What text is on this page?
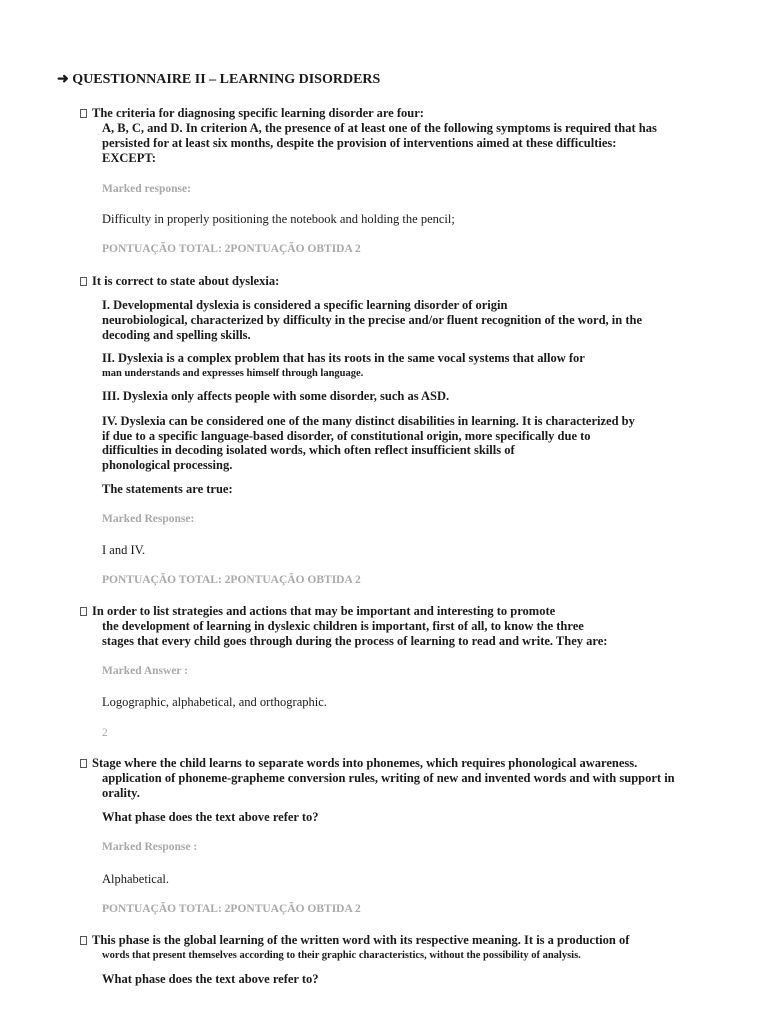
➜ QUESTIONNAIRE II – LEARNING DISORDERS

The criteria for diagnosing specific learning disorder are four:

A, B, C, and D. In criterion A, the presence of at least one of the following symptoms is required that has

persisted for at least six months, despite the provision of interventions aimed at these difficulties:

EXCEPT:

Marked response:

Difficulty in properly positioning the notebook and holding the pencil;

PONTUAÇÃO TOTAL: 2PONTUAÇÃO OBTIDA 2

It is correct to state about dyslexia:

I. Developmental dyslexia is considered a specific learning disorder of origin

neurobiological, characterized by difficulty in the precise and/or fluent recognition of the word, in the

decoding and spelling skills.

II. Dyslexia is a complex problem that has its roots in the same vocal systems that allow for

man understands and expresses himself through language.

III. Dyslexia only affects people with some disorder, such as ASD.

IV. Dyslexia can be considered one of the many distinct disabilities in learning. It is characterized by

if due to a specific language-based disorder, of constitutional origin, more specifically due to

difficulties in decoding isolated words, which often reflect insufficient skills of

phonological processing.

The statements are true:

Marked Response:

I and IV.

PONTUAÇÃO TOTAL: 2PONTUAÇÃO OBTIDA 2

In order to list strategies and actions that may be important and interesting to promote

the development of learning in dyslexic children is important, first of all, to know the three

stages that every child goes through during the process of learning to read and write. They are:

Marked Answer :

Logographic, alphabetical, and orthographic.

2

Stage where the child learns to separate words into phonemes, which requires phonological awareness.

application of phoneme-grapheme conversion rules, writing of new and invented words and with support in

orality.

What phase does the text above refer to?

Marked Response :

Alphabetical.

PONTUAÇÃO TOTAL: 2PONTUAÇÃO OBTIDA 2

This phase is the global learning of the written word with its respective meaning. It is a production of

words that present themselves according to their graphic characteristics, without the possibility of analysis.

What phase does the text above refer to?
